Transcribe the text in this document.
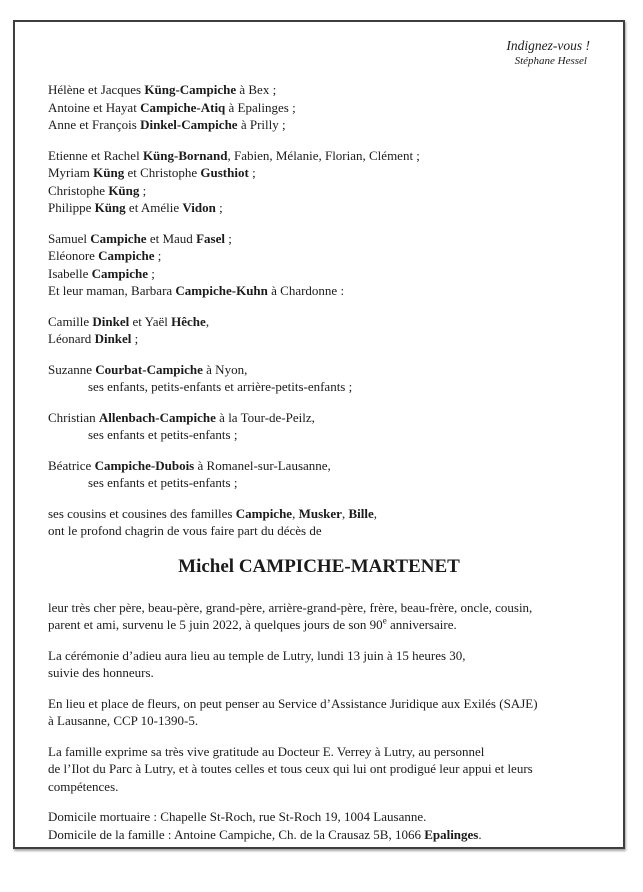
Indignez-vous !
Stéphane Hessel
Hélène et Jacques Küng-Campiche à Bex ;
Antoine et Hayat Campiche-Atiq à Epalinges ;
Anne et François Dinkel-Campiche à Prilly ;
Etienne et Rachel Küng-Bornand, Fabien, Mélanie, Florian, Clément ;
Myriam Küng et Christophe Gusthiot ;
Christophe Küng ;
Philippe Küng et Amélie Vidon ;
Samuel Campiche et Maud Fasel ;
Eléonore Campiche ;
Isabelle Campiche ;
Et leur maman, Barbara Campiche-Kuhn à Chardonne :
Camille Dinkel et Yaël Hêche,
Léonard Dinkel ;
Suzanne Courbat-Campiche à Nyon,
ses enfants, petits-enfants et arrière-petits-enfants ;
Christian Allenbach-Campiche à la Tour-de-Peilz,
ses enfants et petits-enfants ;
Béatrice Campiche-Dubois à Romanel-sur-Lausanne,
ses enfants et petits-enfants ;
ses cousins et cousines des familles Campiche, Musker, Bille,
ont le profond chagrin de vous faire part du décès de
Michel CAMPICHE-MARTENET
leur très cher père, beau-père, grand-père, arrière-grand-père, frère, beau-frère, oncle, cousin,
parent et ami, survenu le 5 juin 2022, à quelques jours de son 90e anniversaire.
La cérémonie d’adieu aura lieu au temple de Lutry, lundi 13 juin à 15 heures 30,
suivie des honneurs.
En lieu et place de fleurs, on peut penser au Service d’Assistance Juridique aux Exilés (SAJE)
à Lausanne, CCP 10-1390-5.
La famille exprime sa très vive gratitude au Docteur E. Verrey à Lutry, au personnel
de l’Ilot du Parc à Lutry, et à toutes celles et tous ceux qui lui ont prodigué leur appui et leurs
compétences.
Domicile mortuaire : Chapelle St-Roch, rue St-Roch 19, 1004 Lausanne.
Domicile de la famille : Antoine Campiche, Ch. de la Crausaz 5B, 1066 Epalinges.
